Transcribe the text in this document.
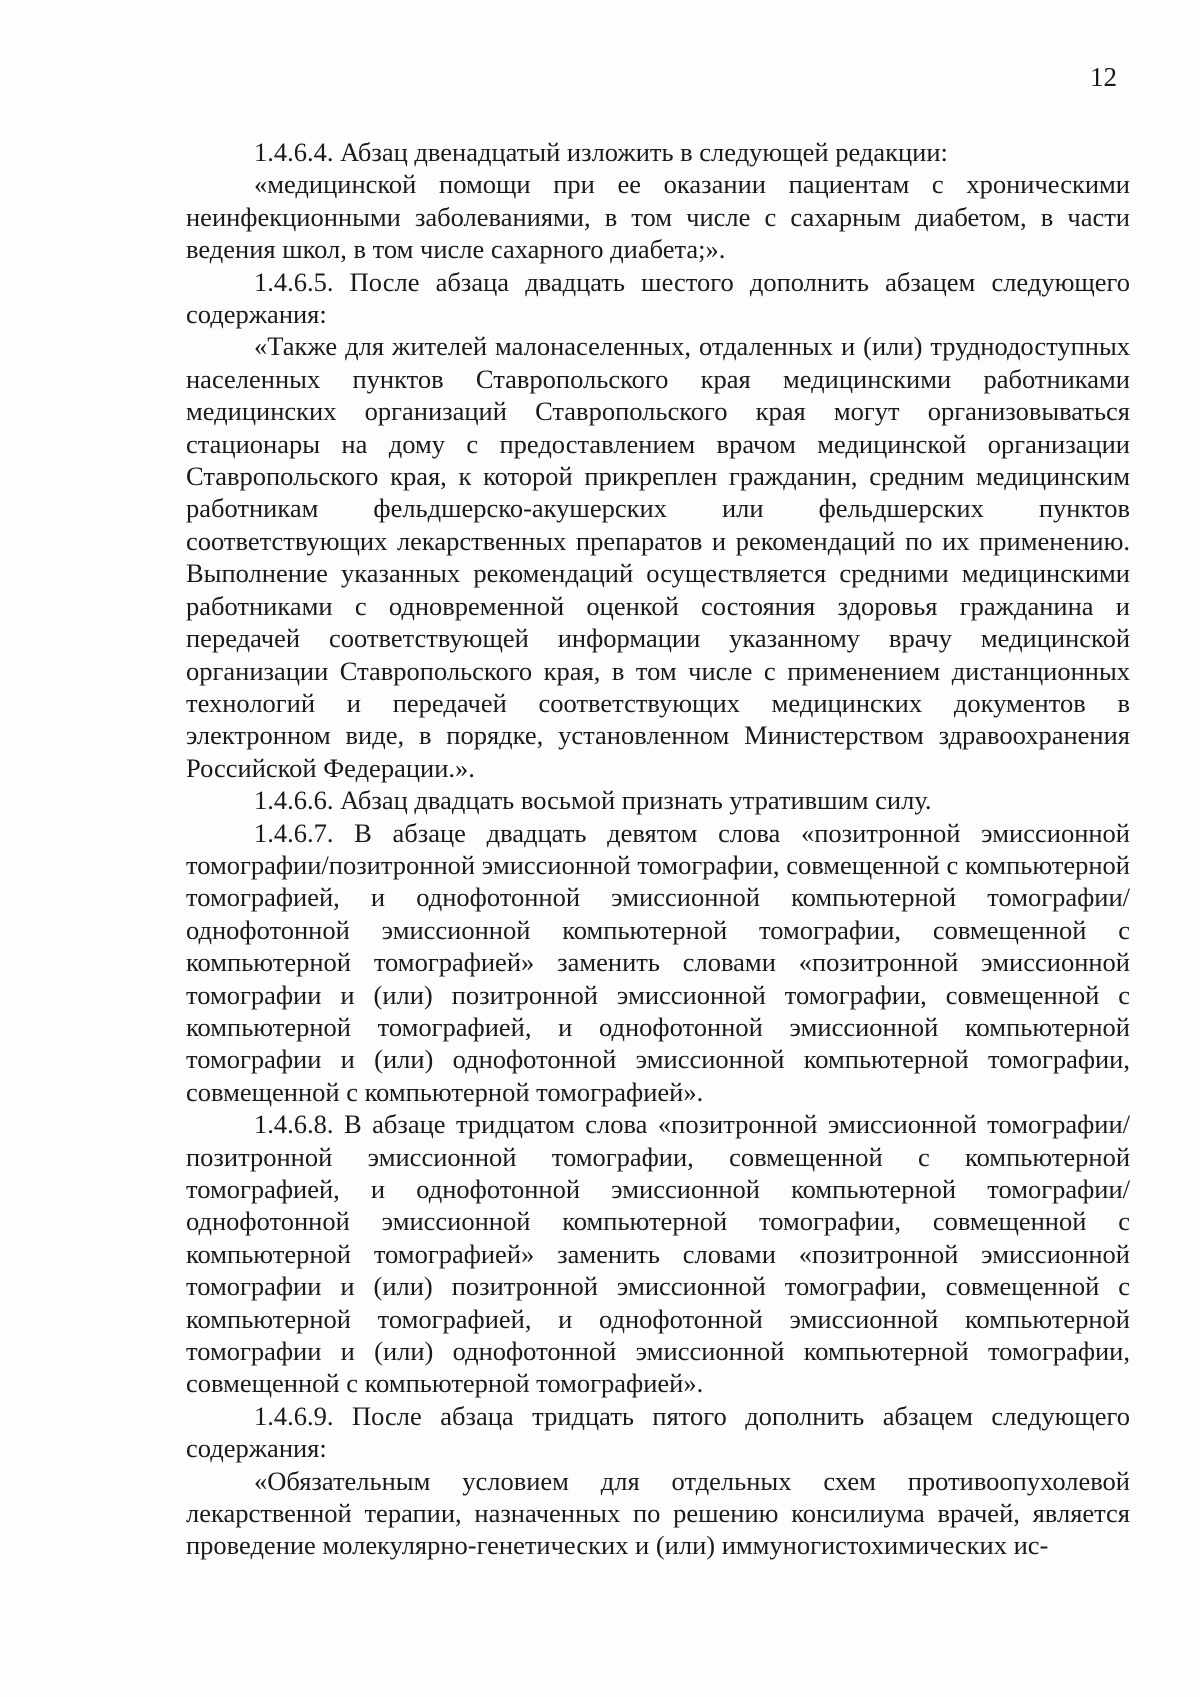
12

1.4.6.4. Абзац двенадцатый изложить в следующей редакции:

«медицинской помощи при ее оказании пациентам с хроническими неинфекционными заболеваниями, в том числе с сахарным диабетом, в части ведения школ, в том числе сахарного диабета;».

1.4.6.5. После абзаца двадцать шестого дополнить абзацем следующего содержания:

«Также для жителей малонаселенных, отдаленных и (или) труднодоступных населенных пунктов Ставропольского края медицинскими работниками медицинских организаций Ставропольского края могут организовываться стационары на дому с предоставлением врачом медицинской организации Ставропольского края, к которой прикреплен гражданин, средним медицинским работникам фельдшерско-акушерских или фельдшерских пунктов соответствующих лекарственных препаратов и рекомендаций по их применению. Выполнение указанных рекомендаций осуществляется средними медицинскими работниками с одновременной оценкой состояния здоровья гражданина и передачей соответствующей информации указанному врачу медицинской организации Ставропольского края, в том числе с применением дистанционных технологий и передачей соответствующих медицинских документов в электронном виде, в порядке, установленном Министерством здравоохранения Российской Федерации.».

1.4.6.6. Абзац двадцать восьмой признать утратившим силу.

1.4.6.7. В абзаце двадцать девятом слова «позитронной эмиссионной томографии/позитронной эмиссионной томографии, совмещенной с компьютерной томографией, и однофотонной эмиссионной компьютерной томографии/однофотонной эмиссионной компьютерной томографии, совмещенной с компьютерной томографией» заменить словами «позитронной эмиссионной томографии и (или) позитронной эмиссионной томографии, совмещенной с компьютерной томографией, и однофотонной эмиссионной компьютерной томографии и (или) однофотонной эмиссионной компьютерной томографии, совмещенной с компьютерной томографией».

1.4.6.8. В абзаце тридцатом слова «позитронной эмиссионной томографии/позитронной эмиссионной томографии, совмещенной с компьютерной томографией, и однофотонной эмиссионной компьютерной томографии/однофотонной эмиссионной компьютерной томографии, совмещенной с компьютерной томографией» заменить словами «позитронной эмиссионной томографии и (или) позитронной эмиссионной томографии, совмещенной с компьютерной томографией, и однофотонной эмиссионной компьютерной томографии и (или) однофотонной эмиссионной компьютерной томографии, совмещенной с компьютерной томографией».

1.4.6.9. После абзаца тридцать пятого дополнить абзацем следующего содержания:

«Обязательным условием для отдельных схем противоопухолевой лекарственной терапии, назначенных по решению консилиума врачей, является проведение молекулярно-генетических и (или) иммуногистохимических ис-
